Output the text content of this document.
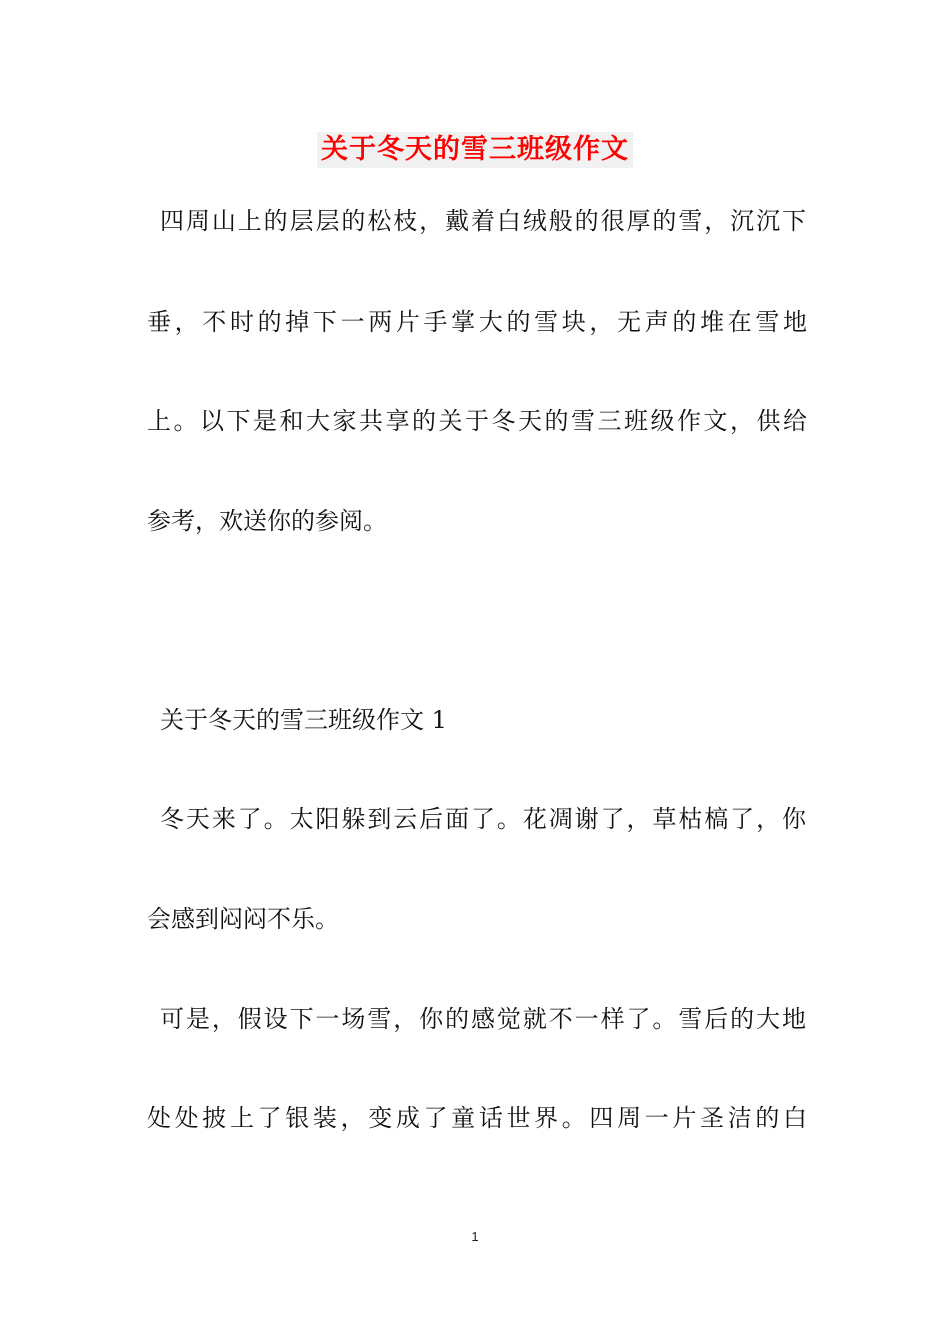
关于冬天的雪三班级作文
四周山上的层层的松枝，戴着白绒般的很厚的雪，沉沉下
垂，不时的掉下一两片手掌大的雪块，无声的堆在雪地
上。以下是和大家共享的关于冬天的雪三班级作文，供给
参考，欢送你的参阅。
关于冬天的雪三班级作文 1
冬天来了。太阳躲到云后面了。花凋谢了，草枯槁了，你
会感到闷闷不乐。
可是，假设下一场雪，你的感觉就不一样了。雪后的大地
处处披上了银装，变成了童话世界。四周一片圣洁的白
1
